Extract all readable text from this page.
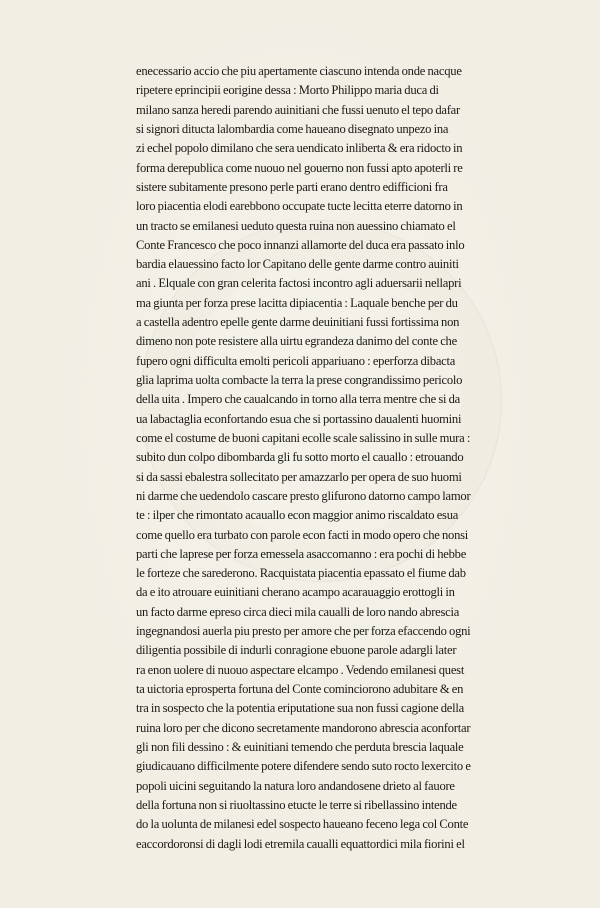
enecessario accio che piu apertamente ciascuno intenda onde nacque
ripetere eprincipii eorigine dessa : Morto Philippo maria duca di
milano sanza heredi parendo auinitiani che fussi uenuto el tepo dafar
si signori ditucta lalombardia come haueano disegnato unpezo ina
zi echel popolo dimilano che sera uendicato inliberta & era ridocto in
forma derepublica come nuouo nel gouerno non fussi apto apoterli re
sistere subitamente presono perle parti erano dentro edifficioni fra
loro piacentia elodi earebbono occupate tucte lecitta eterre datorno in
un tracto se emilanesi ueduto questa ruina non auessino chiamato el
Conte Francesco che poco innanzi allamorte del duca era passato inlo
bardia elauessino facto lor Capitano delle gente darme contro auiniti
ani . Elquale con gran celerita factosi incontro agli aduersarii nellapri
ma giunta per forza prese lacitta dipiacentia : Laquale benche per du
a castella adentro epelle gente darme deuinitiani fussi fortissima non
dimeno non pote resistere alla uirtu egrandeza danimo del conte che
fupero ogni difficulta emolti pericoli appariuano : eperforza dibacta
glia laprima uolta combacte la terra la prese congrandissimo pericolo
della uita . Impero che caualcando in torno alla terra mentre che si da
ua labactaglia econfortando esua che si portassino daualenti huomini
come el costume de buoni capitani ecolle scale salissino in sulle mura :
subito dun colpo dibombarda gli fu sotto morto el cauallo : etrouando
si da sassi ebalestra sollecitato per amazzarlo per opera de suo huomi
ni darme che uedendolo cascare presto glifurono datorno campo lamor
te : ilper che rimontato acauallo econ maggior animo riscaldato esua
come quello era turbato con parole econ facti in modo opero che nonsi
parti che laprese per forza emessela asaccomanno : era pochi di hebbe
le forteze che sarederono. Racquistata piacentia epassato el fiume dab
da e ito atrouare euinitiani cherano acampo acarauaggio erottogli in
un facto darme epreso circa dieci mila caualli de loro nando abrescia
ingegnandosi auerla piu presto per amore che per forza efaccendo ogni
diligentia possibile di indurli conragione ebuone parole adargli later
ra enon uolere di nuouo aspectare elcampo . Vedendo emilanesi quest
ta uictoria eprosperta fortuna del Conte cominciorono adubitare & en
tra in sospecto che la potentia eriputatione sua non fussi cagione della
ruina loro per che dicono secretamente mandorono abrescia aconfortar
gli non fili dessino : & euinitiani temendo che perduta brescia laquale
giudicauano difficilmente potere difendere sendo suto rocto lexercito e
popoli uicini seguitando la natura loro andandosene drieto al fauore
della fortuna non si riuoltassino etucte le terre si ribellassino intende
do la uolunta de milanesi edel sospecto haueano feceno lega col Conte
eaccordoronsi di dagli lodi etremila caualli equattordici mila fiorini el
